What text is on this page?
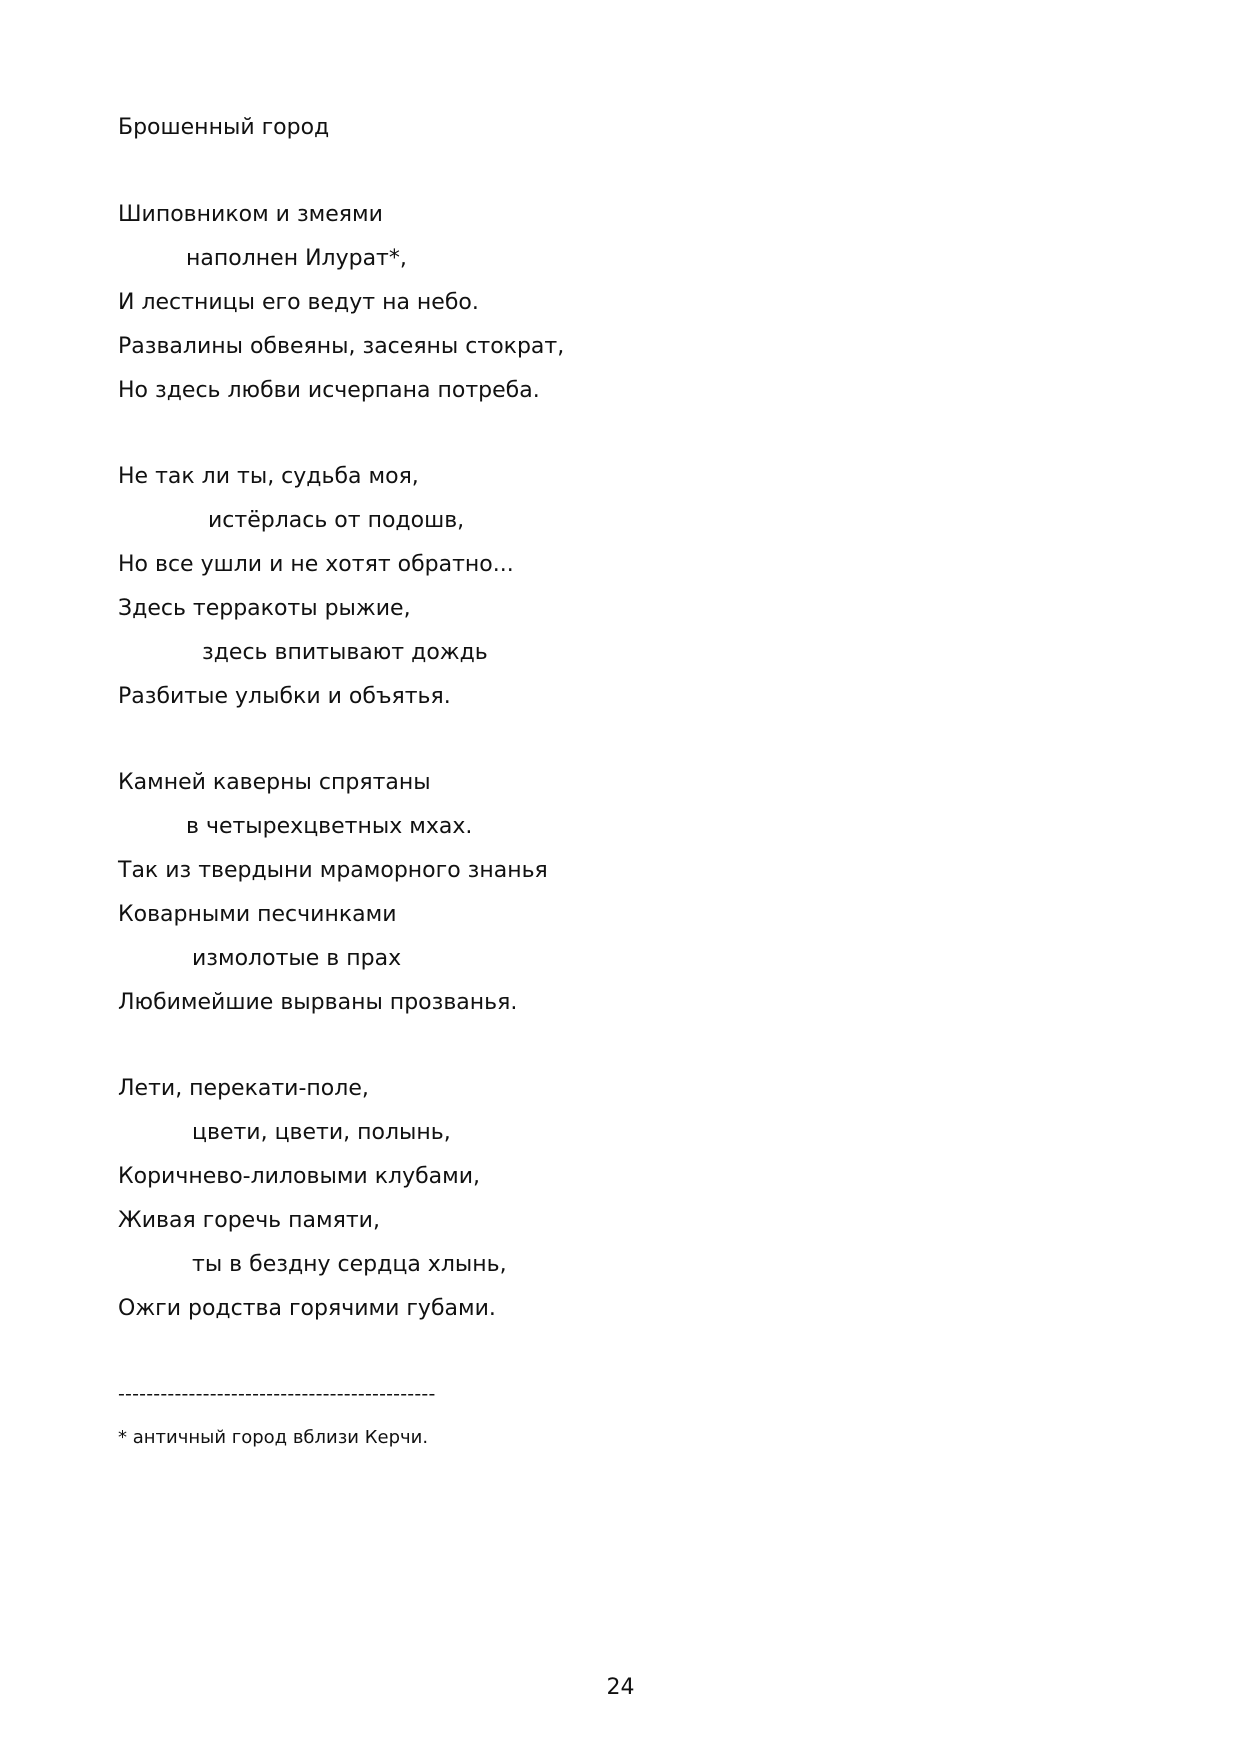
Брошенный город
Шиповником и змеями
наполнен Илурат*,
И лестницы его ведут на небо.
Развалины обвеяны, засеяны стократ,
Но здесь любви исчерпана потреба.
Не так ли ты, судьба моя,
истёрлась от подошв,
Но все ушли и не хотят обратно...
Здесь терракоты рыжие,
здесь впитывают дождь
Разбитые улыбки и объятья.
Камней каверны спрятаны
в четырехцветных мхах.
Так из твердыни мраморного знанья
Коварными песчинками
измолотые в прах
Любимейшие вырваны прозванья.
Лети, перекати-поле,
цвети, цвети, полынь,
Коричнево-лиловыми клубами,
Живая горечь памяти,
ты в бездну сердца хлынь,
Ожги родства горячими губами.
---------------------------------------------
* античный город вблизи Керчи.
24
